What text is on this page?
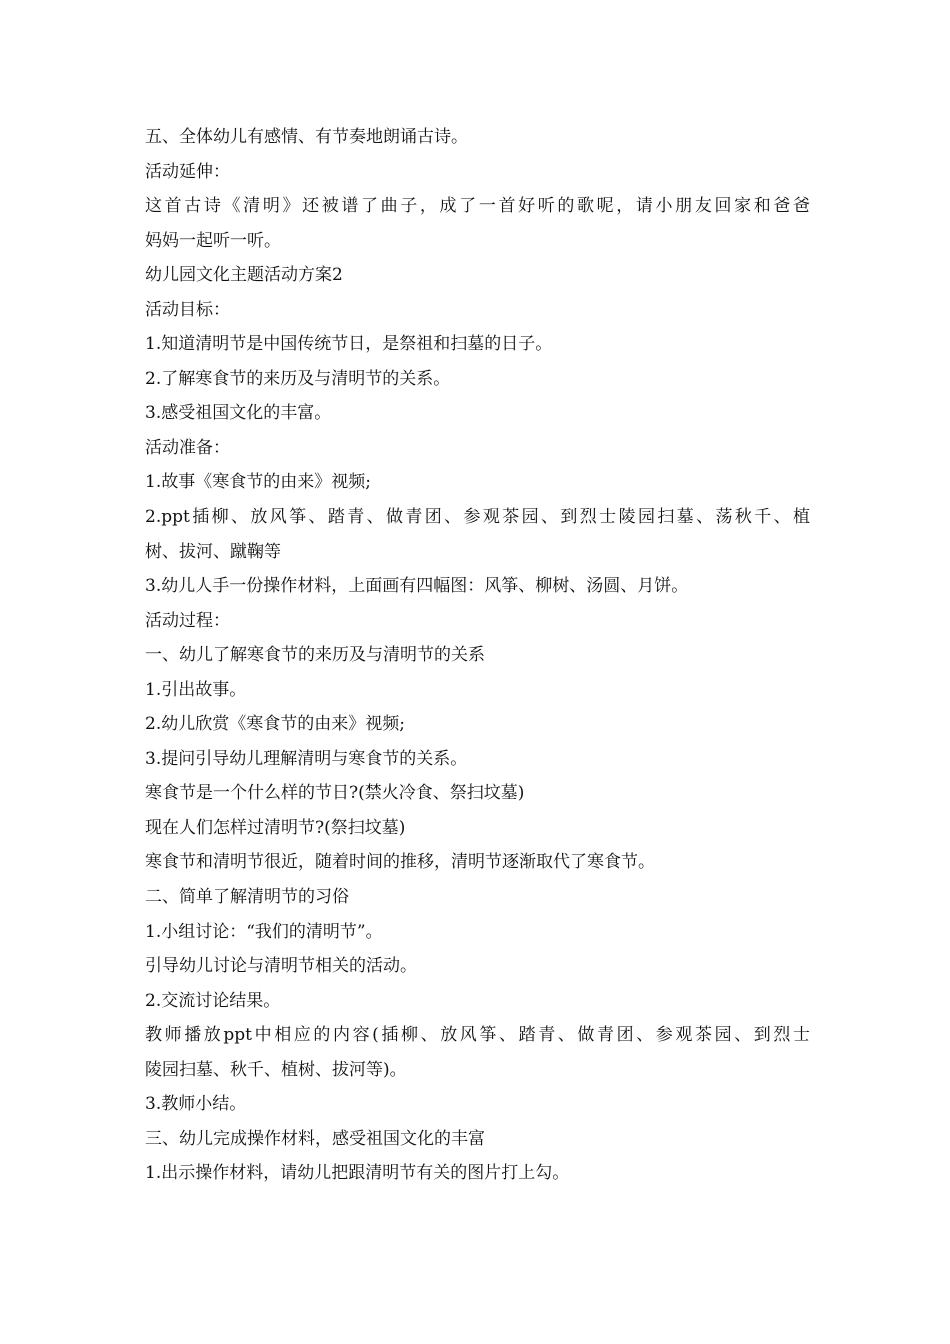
五、全体幼儿有感情、有节奏地朗诵古诗。

活动延伸：

这首古诗《清明》还被谱了曲子，成了一首好听的歌呢，请小朋友回家和爸爸

妈妈一起听一听。

幼儿园文化主题活动方案2

活动目标：

1.知道清明节是中国传统节日，是祭祖和扫墓的日子。

2.了解寒食节的来历及与清明节的关系。

3.感受祖国文化的丰富。

活动准备：

1.故事《寒食节的由来》视频;

2.ppt插柳、放风筝、踏青、做青团、参观茶园、到烈士陵园扫墓、荡秋千、植

树、拔河、蹴鞠等

3.幼儿人手一份操作材料，上面画有四幅图：风筝、柳树、汤圆、月饼。

活动过程：

一、幼儿了解寒食节的来历及与清明节的关系

1.引出故事。

2.幼儿欣赏《寒食节的由来》视频;

3.提问引导幼儿理解清明与寒食节的关系。

寒食节是一个什么样的节日?(禁火冷食、祭扫坟墓)

现在人们怎样过清明节?(祭扫坟墓)

寒食节和清明节很近，随着时间的推移，清明节逐渐取代了寒食节。

二、简单了解清明节的习俗

1.小组讨论：“我们的清明节”。

引导幼儿讨论与清明节相关的活动。

2.交流讨论结果。

教师播放ppt中相应的内容(插柳、放风筝、踏青、做青团、参观茶园、到烈士

陵园扫墓、秋千、植树、拔河等)。

3.教师小结。

三、幼儿完成操作材料，感受祖国文化的丰富

1.出示操作材料，请幼儿把跟清明节有关的图片打上勾。
